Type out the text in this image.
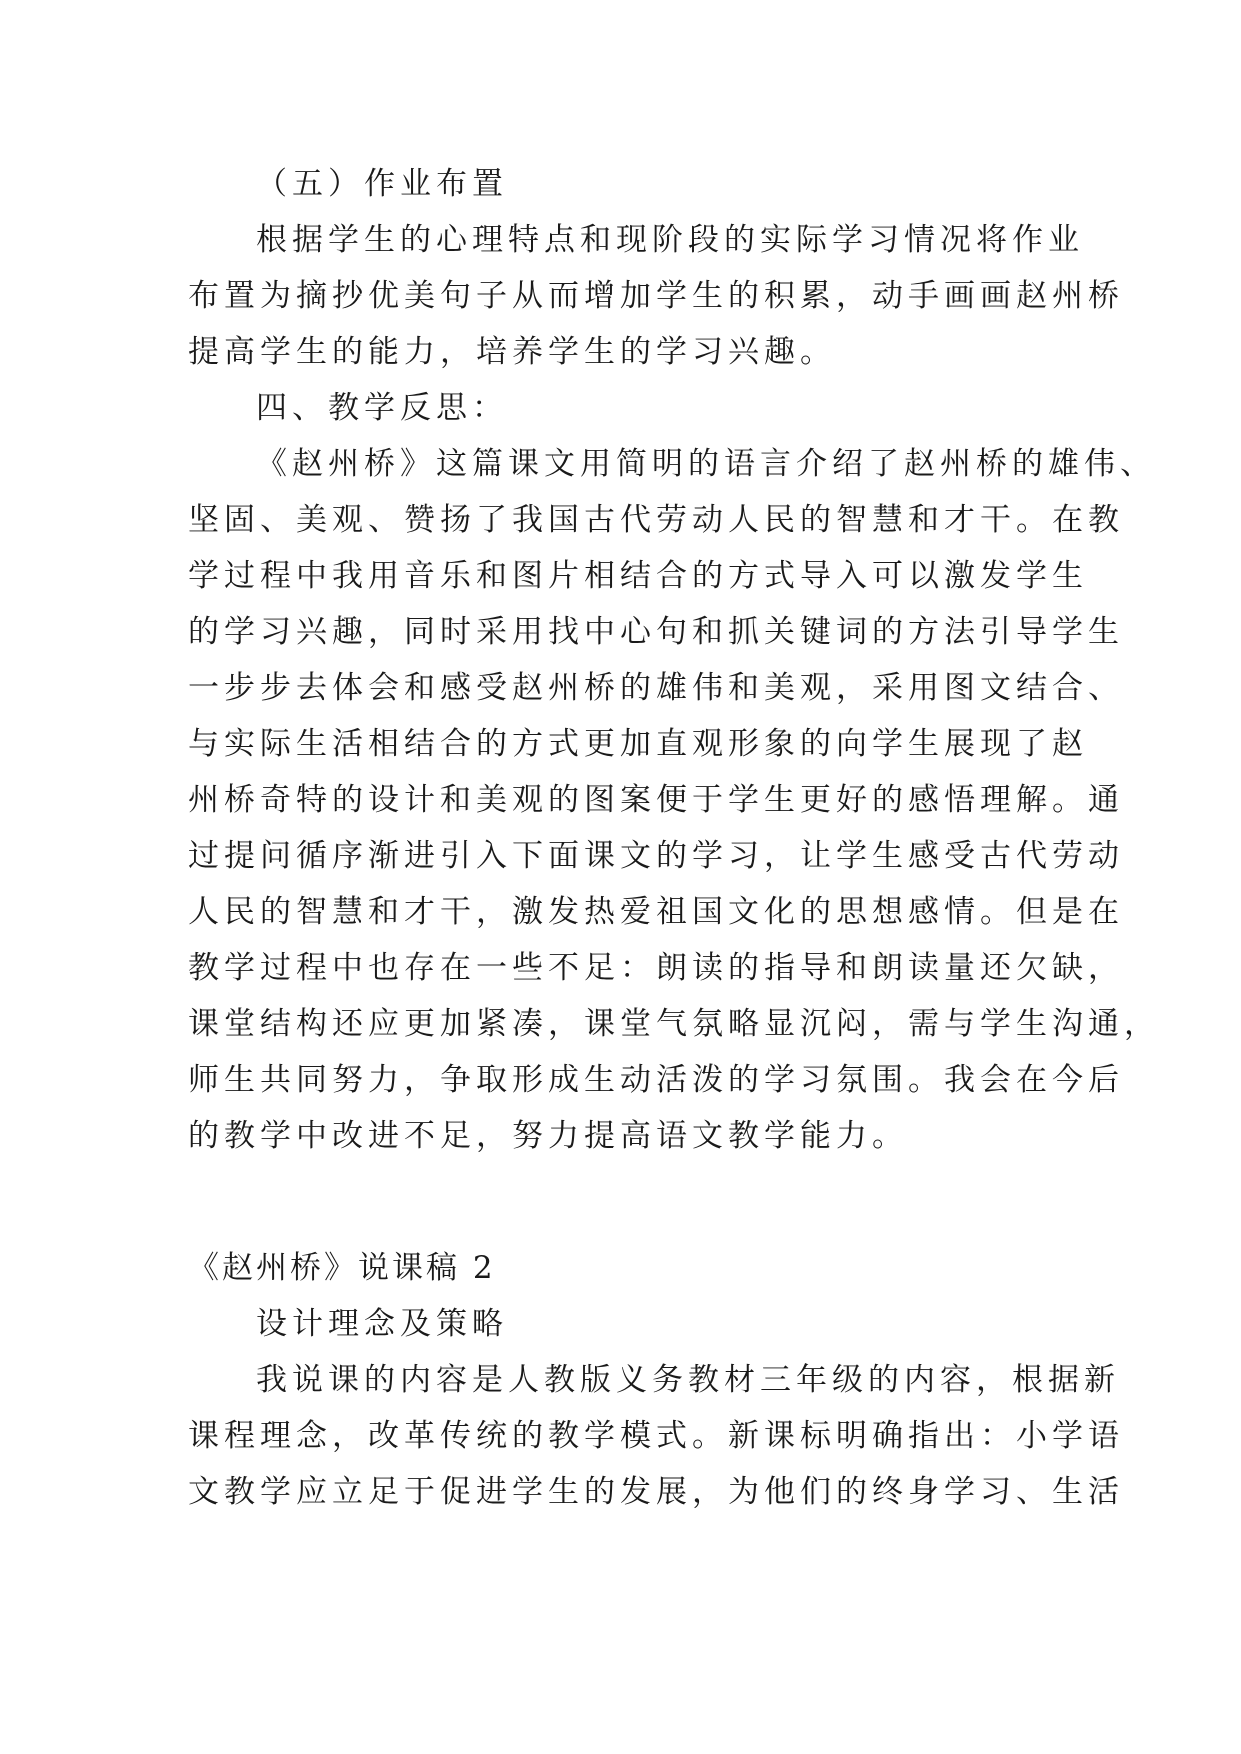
（五）作业布置
根据学生的心理特点和现阶段的实际学习情况将作业
布置为摘抄优美句子从而增加学生的积累，动手画画赵州桥
提高学生的能力，培养学生的学习兴趣。
四、教学反思：
《赵州桥》这篇课文用简明的语言介绍了赵州桥的雄伟、
坚固、美观、赞扬了我国古代劳动人民的智慧和才干。在教
学过程中我用音乐和图片相结合的方式导入可以激发学生
的学习兴趣，同时采用找中心句和抓关键词的方法引导学生
一步步去体会和感受赵州桥的雄伟和美观，采用图文结合、
与实际生活相结合的方式更加直观形象的向学生展现了赵
州桥奇特的设计和美观的图案便于学生更好的感悟理解。通
过提问循序渐进引入下面课文的学习，让学生感受古代劳动
人民的智慧和才干，激发热爱祖国文化的思想感情。但是在
教学过程中也存在一些不足：朗读的指导和朗读量还欠缺，
课堂结构还应更加紧凑，课堂气氛略显沉闷，需与学生沟通，
师生共同努力，争取形成生动活泼的学习氛围。我会在今后
的教学中改进不足，努力提高语文教学能力。
《赵州桥》说课稿 2
设计理念及策略
我说课的内容是人教版义务教材三年级的内容，根据新
课程理念，改革传统的教学模式。新课标明确指出：小学语
文教学应立足于促进学生的发展，为他们的终身学习、生活
